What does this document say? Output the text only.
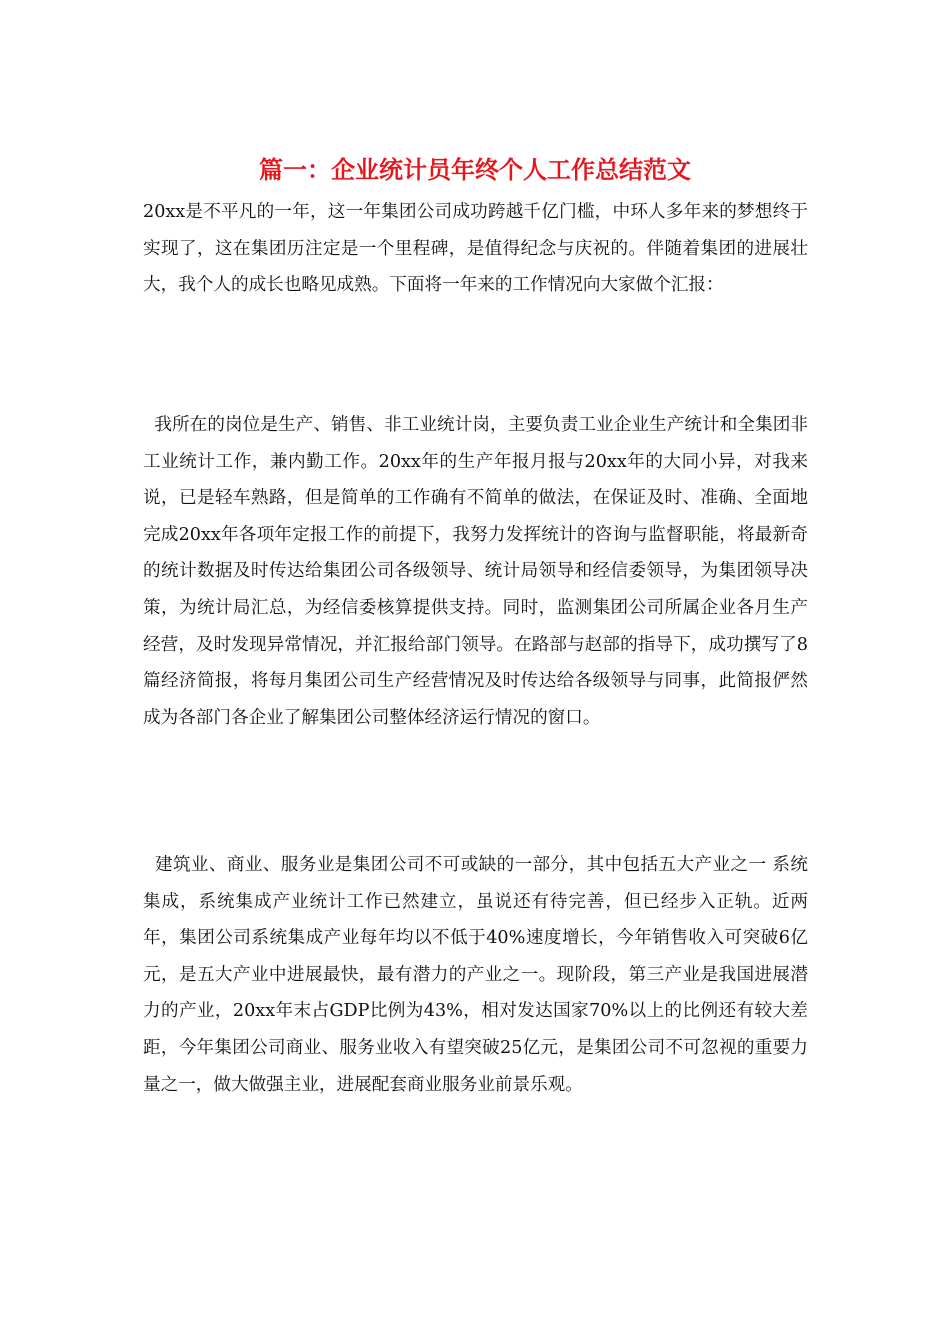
篇一：企业统计员年终个人工作总结范文

20xx是不平凡的一年，这一年集团公司成功跨越千亿门槛，中环人多年来的梦想终于实现了，这在集团历注定是一个里程碑，是值得纪念与庆祝的。伴随着集团的进展壮大，我个人的成长也略见成熟。下面将一年来的工作情况向大家做个汇报：

我所在的岗位是生产、销售、非工业统计岗，主要负责工业企业生产统计和全集团非工业统计工作，兼内勤工作。20xx年的生产年报月报与20xx年的大同小异，对我来说，已是轻车熟路，但是简单的工作确有不简单的做法，在保证及时、准确、全面地完成20xx年各项年定报工作的前提下，我努力发挥统计的咨询与监督职能，将最新奇的统计数据及时传达给集团公司各级领导、统计局领导和经信委领导，为集团领导决策，为统计局汇总，为经信委核算提供支持。同时，监测集团公司所属企业各月生产经营，及时发现异常情况，并汇报给部门领导。在路部与赵部的指导下，成功撰写了8篇经济简报，将每月集团公司生产经营情况及时传达给各级领导与同事，此简报俨然成为各部门各企业了解集团公司整体经济运行情况的窗口。

建筑业、商业、服务业是集团公司不可或缺的一部分，其中包括五大产业之一 系统集成，系统集成产业统计工作已然建立，虽说还有待完善，但已经步入正轨。近两年，集团公司系统集成产业每年均以不低于40%速度增长，今年销售收入可突破6亿元，是五大产业中进展最快，最有潜力的产业之一。现阶段，第三产业是我国进展潜力的产业，20xx年末占GDP比例为43%，相对发达国家70%以上的比例还有较大差距，今年集团公司商业、服务业收入有望突破25亿元，是集团公司不可忽视的重要力量之一，做大做强主业，进展配套商业服务业前景乐观。
